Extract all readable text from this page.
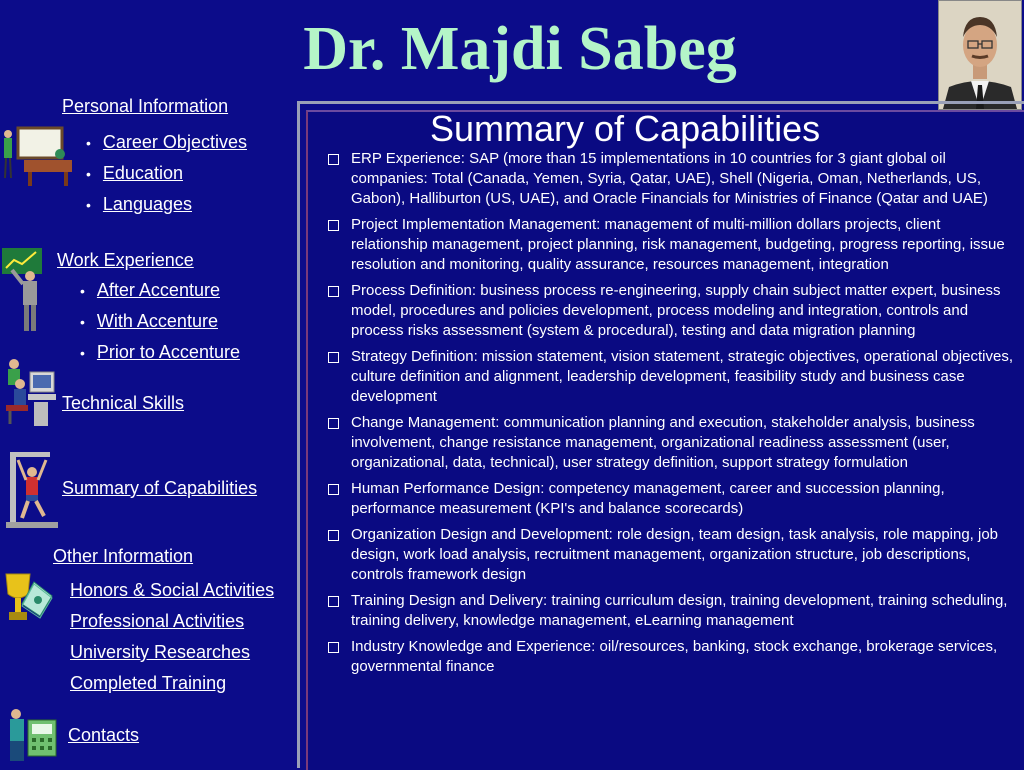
Dr. Majdi Sabeg
Personal Information
• Career Objectives
• Education
• Languages
Work Experience
• After Accenture
• With Accenture
• Prior to Accenture
Technical Skills
Summary of Capabilities
Other Information
Honors & Social Activities
Professional Activities
University Researches
Completed Training
Contacts
Summary of Capabilities
ERP Experience: SAP (more than 15 implementations in 10 countries for 3 giant global oil companies: Total (Canada, Yemen, Syria, Qatar, UAE), Shell (Nigeria, Oman, Netherlands, US, Gabon), Halliburton (US, UAE), and Oracle Financials for Ministries of Finance (Qatar and UAE)
Project Implementation Management: management of multi-million dollars projects, client relationship management, project planning, risk management, budgeting, progress reporting, issue resolution and monitoring, quality assurance, resources management, integration
Process Definition: business process re-engineering, supply chain subject matter expert, business model, procedures and policies development, process modeling and integration, controls and process risks assessment (system & procedural), testing and data migration planning
Strategy Definition: mission statement, vision statement, strategic objectives, operational objectives, culture definition and alignment, leadership development, feasibility study and business case development
Change Management: communication planning and execution, stakeholder analysis, business involvement, change resistance management, organizational readiness assessment (user, organizational, data, technical), user strategy definition, support strategy formulation
Human Performance Design: competency management, career and succession planning, performance measurement (KPI's and balance scorecards)
Organization Design and Development: role design, team design, task analysis, role mapping, job design, work load analysis, recruitment management, organization structure, job descriptions, controls framework design
Training Design and Delivery: training curriculum design, training development, training scheduling, training delivery, knowledge management, eLearning management
Industry Knowledge and Experience: oil/resources, banking, stock exchange, brokerage services, governmental finance
